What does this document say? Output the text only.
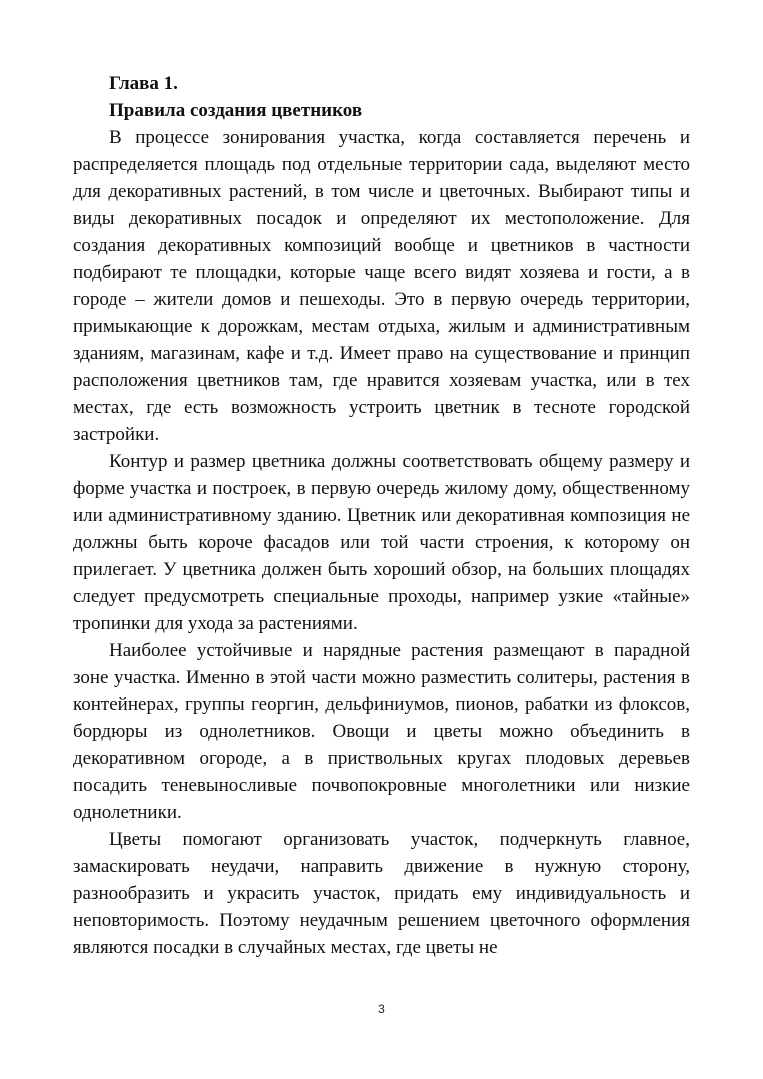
Глава 1.

Правила создания цветников

В процессе зонирования участка, когда составляется перечень и распределяется площадь под отдельные территории сада, выделяют место для декоративных растений, в том числе и цветочных. Выбирают типы и виды декоративных посадок и определяют их местоположение. Для создания декоративных композиций вообще и цветников в частности подбирают те площадки, которые чаще всего видят хозяева и гости, а в городе – жители домов и пешеходы. Это в первую очередь территории, примыкающие к дорожкам, местам отдыха, жилым и административным зданиям, магазинам, кафе и т.д. Имеет право на существование и принцип расположения цветников там, где нравится хозяевам участка, или в тех местах, где есть возможность устроить цветник в тесноте городской застройки.

Контур и размер цветника должны соответствовать общему размеру и форме участка и построек, в первую очередь жилому дому, общественному или административному зданию. Цветник или декоративная композиция не должны быть короче фасадов или той части строения, к которому он прилегает. У цветника должен быть хороший обзор, на больших площадях следует предусмотреть специальные проходы, например узкие «тайные» тропинки для ухода за растениями.

Наиболее устойчивые и нарядные растения размещают в парадной зоне участка. Именно в этой части можно разместить солитеры, растения в контейнерах, группы георгин, дельфиниумов, пионов, рабатки из флоксов, бордюры из однолетников. Овощи и цветы можно объединить в декоративном огороде, а в приствольных кругах плодовых деревьев посадить теневыносливые почвопокровные многолетники или низкие однолетники.

Цветы помогают организовать участок, подчеркнуть главное, замаскировать неудачи, направить движение в нужную сторону, разнообразить и украсить участок, придать ему индивидуальность и неповторимость. Поэтому неудачным решением цветочного оформления являются посадки в случайных местах, где цветы не

3
